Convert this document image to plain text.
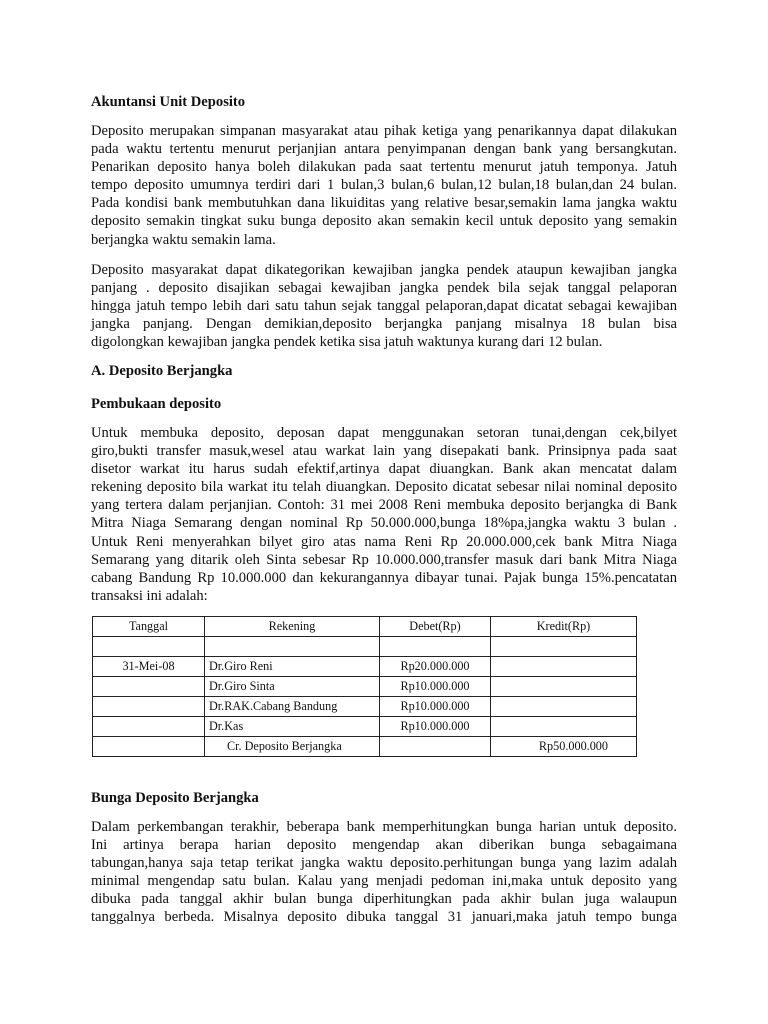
Akuntansi Unit Deposito
Deposito merupakan simpanan masyarakat atau pihak ketiga yang penarikannya dapat dilakukan
pada waktu tertentu menurut perjanjian antara penyimpanan dengan bank yang bersangkutan.
Penarikan deposito hanya boleh dilakukan pada saat tertentu menurut jatuh temponya. Jatuh
tempo deposito umumnya terdiri dari 1 bulan,3 bulan,6 bulan,12 bulan,18 bulan,dan 24 bulan.
Pada kondisi bank membutuhkan dana likuiditas yang relative besar,semakin lama jangka waktu
deposito semakin tingkat suku bunga deposito akan semakin kecil untuk deposito yang semakin
berjangka waktu semakin lama.
Deposito masyarakat dapat dikategorikan kewajiban jangka pendek ataupun kewajiban jangka
panjang . deposito disajikan sebagai kewajiban jangka pendek bila sejak tanggal pelaporan
hingga jatuh tempo lebih dari satu tahun sejak tanggal pelaporan,dapat dicatat sebagai kewajiban
jangka panjang. Dengan demikian,deposito berjangka panjang misalnya 18 bulan bisa
digolongkan kewajiban jangka pendek ketika sisa jatuh waktunya kurang dari 12 bulan.
A. Deposito Berjangka
Pembukaan deposito
Untuk membuka deposito, deposan dapat menggunakan setoran tunai,dengan cek,bilyet
giro,bukti transfer masuk,wesel atau warkat lain yang disepakati bank. Prinsipnya pada saat
disetor warkat itu harus sudah efektif,artinya dapat diuangkan. Bank akan mencatat dalam
rekening deposito bila warkat itu telah diuangkan. Deposito dicatat sebesar nilai nominal deposito
yang tertera dalam perjanjian. Contoh: 31 mei 2008 Reni membuka deposito berjangka di Bank
Mitra Niaga Semarang dengan nominal Rp 50.000.000,bunga 18%pa,jangka waktu 3 bulan .
Untuk Reni menyerahkan bilyet giro atas nama Reni Rp 20.000.000,cek bank Mitra Niaga
Semarang yang ditarik oleh Sinta sebesar Rp 10.000.000,transfer masuk dari bank Mitra Niaga
cabang Bandung Rp 10.000.000 dan kekurangannya dibayar tunai. Pajak bunga 15%.pencatatan
transaksi ini adalah:
Tanggal	Rekening	Debet(Rp)	Kredit(Rp)

31-Mei-08	Dr.Giro Reni	Rp20.000.000	
	Dr.Giro Sinta	Rp10.000.000	
	Dr.RAK.Cabang Bandung	Rp10.000.000	
	Dr.Kas	Rp10.000.000	
	Cr. Deposito Berjangka		Rp50.000.000
Bunga Deposito Berjangka
Dalam perkembangan terakhir, beberapa bank memperhitungkan bunga harian untuk deposito.
Ini artinya berapa harian deposito mengendap akan diberikan bunga sebagaimana
tabungan,hanya saja tetap terikat jangka waktu deposito.perhitungan bunga yang lazim adalah
minimal mengendap satu bulan. Kalau yang menjadi pedoman ini,maka untuk deposito yang
dibuka pada tanggal akhir bulan bunga diperhitungkan pada akhir bulan juga walaupun
tanggalnya berbeda. Misalnya deposito dibuka tanggal 31 januari,maka jatuh tempo bunga
